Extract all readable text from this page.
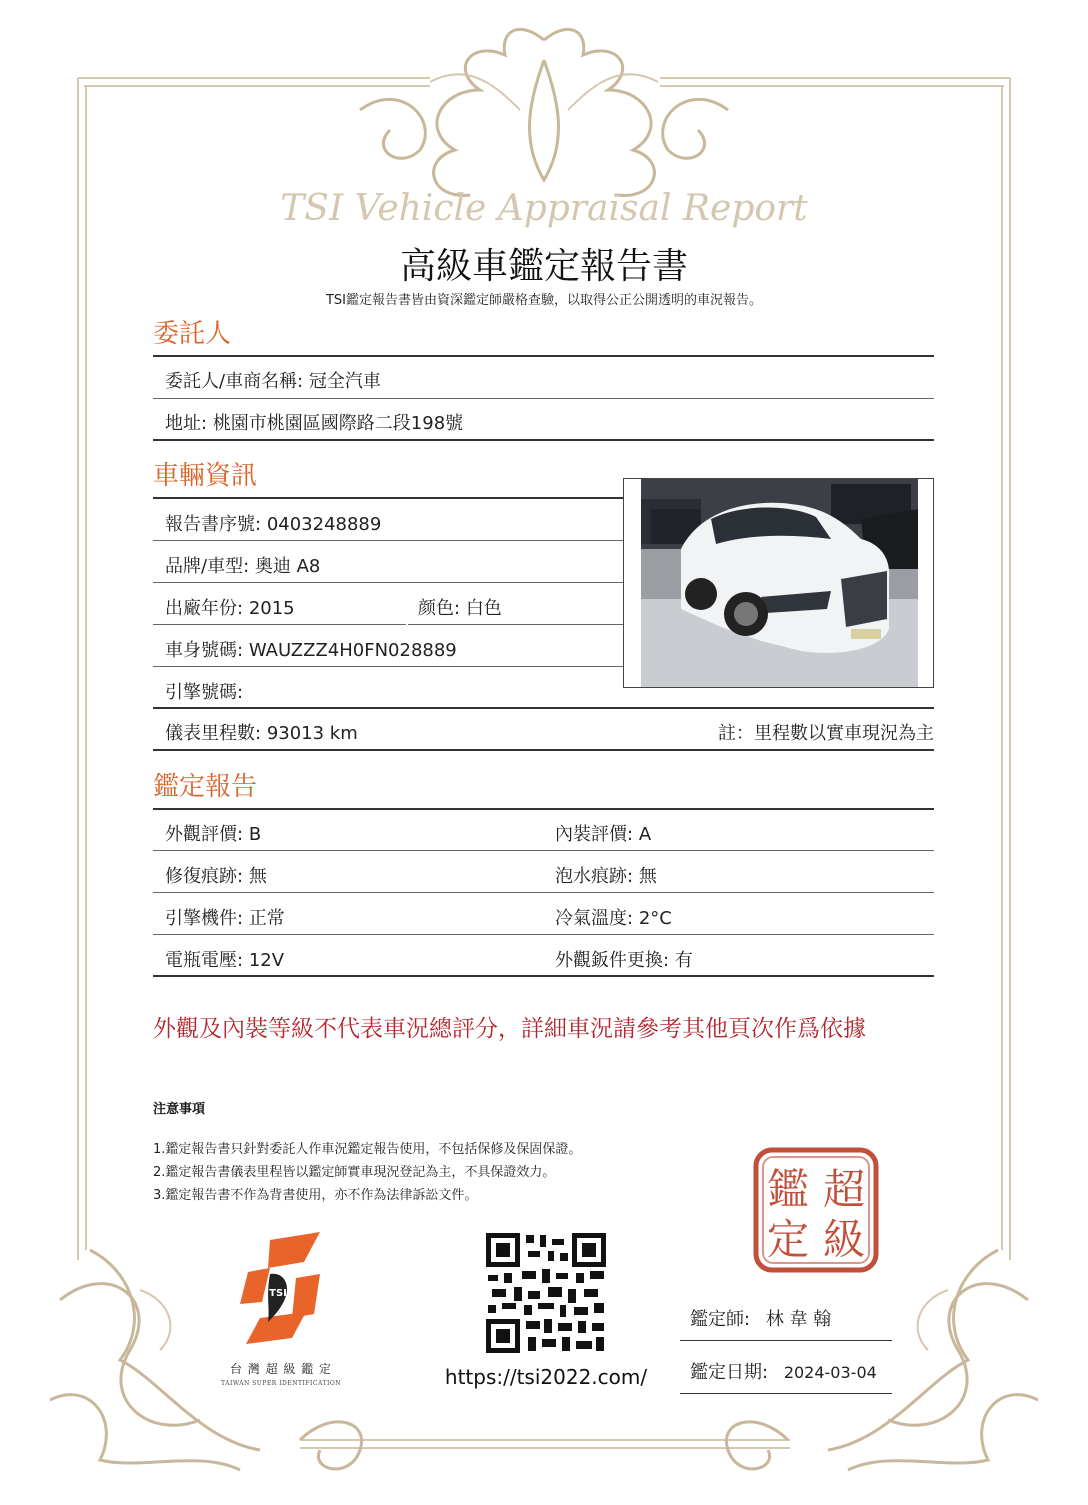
TSI Vehicle Appraisal Report
高級車鑑定報告書
TSI鑑定報告書皆由資深鑑定師嚴格查驗，以取得公正公開透明的車況報告。
委託人
委託人/車商名稱: 冠全汽車
地址: 桃園市桃園區國際路二段198號
車輛資訊
報告書序號: 0403248889
品牌/車型: 奧迪 A8
出廠年份: 2015	颜色: 白色
車身號碼: WAUZZZ4H0FN028889
引擎號碼:
儀表里程數: 93013 km	註：里程數以實車現況為主
鑑定報告
外觀評價: B	內裝評價: A
修復痕跡: 無	泡水痕跡: 無
引擎機件: 正常	冷氣溫度: 2°C
電瓶電壓: 12V	外觀鈑件更換: 有
外觀及內裝等級不代表車況總評分，詳細車況請參考其他頁次作爲依據
注意事項
1.鑑定報告書只針對委託人作車況鑑定報告使用，不包括保修及保固保證。
2.鑑定報告書儀表里程皆以鑑定師實車現況登記為主，不具保證效力。
3.鑑定報告書不作為背書使用，亦不作為法律訴訟文件。	超
級
鑑
定
TSI
台 灣 超 級 鑑 定
TAIWAN SUPER IDENTIFICATION	https://tsi2022.com/
鑑定師: 林 韋 翰
鑑定日期: 2024-03-04
